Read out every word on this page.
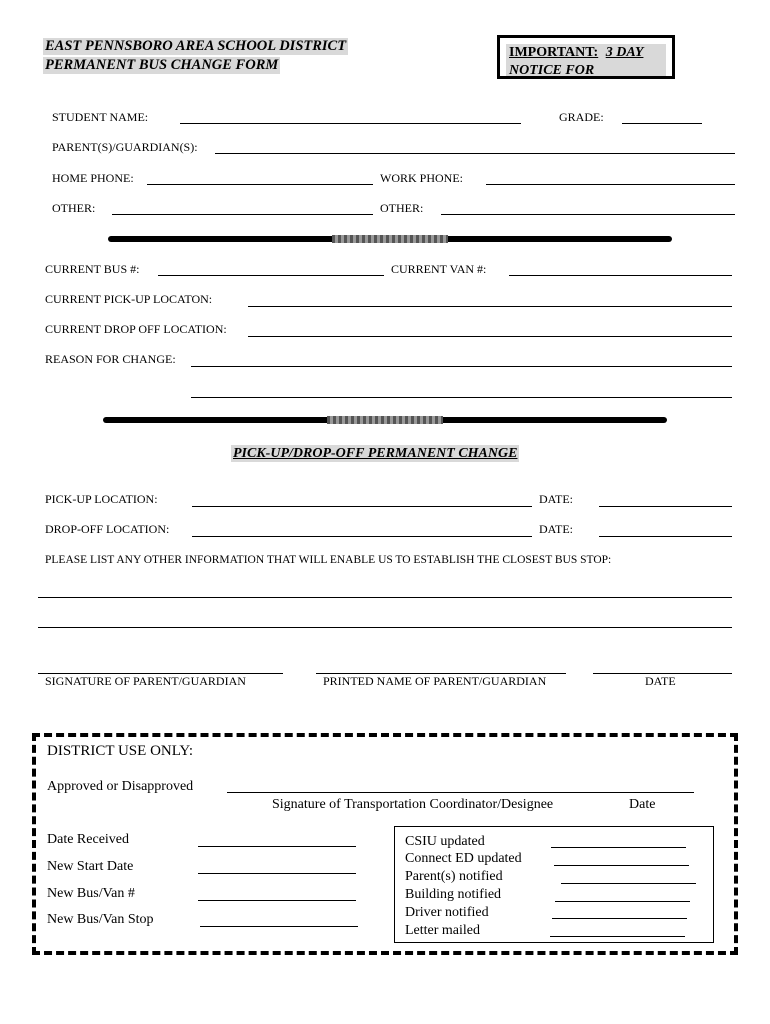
EAST PENNSBORO AREA SCHOOL DISTRICT
PERMANENT BUS CHANGE FORM
IMPORTANT: 3 DAY
NOTICE FOR
STUDENT NAME:	GRADE:
PARENT(S)/GUARDIAN(S):
HOME PHONE:	WORK PHONE:
OTHER:	OTHER:
CURRENT BUS #:	CURRENT VAN #:
CURRENT PICK-UP LOCATON:
CURRENT DROP OFF LOCATION:
REASON FOR CHANGE:
PICK-UP/DROP-OFF PERMANENT CHANGE
PICK-UP LOCATION:	DATE:
DROP-OFF LOCATION:	DATE:
PLEASE LIST ANY OTHER INFORMATION THAT WILL ENABLE US TO ESTABLISH THE CLOSEST BUS STOP:
SIGNATURE OF PARENT/GUARDIAN	PRINTED NAME OF PARENT/GUARDIAN	DATE
DISTRICT USE ONLY:
Approved or Disapproved
Signature of Transportation Coordinator/Designee	Date
Date Received
New Start Date
New Bus/Van #
New Bus/Van Stop
CSIU updated
Connect ED updated
Parent(s) notified
Building notified
Driver notified
Letter mailed
